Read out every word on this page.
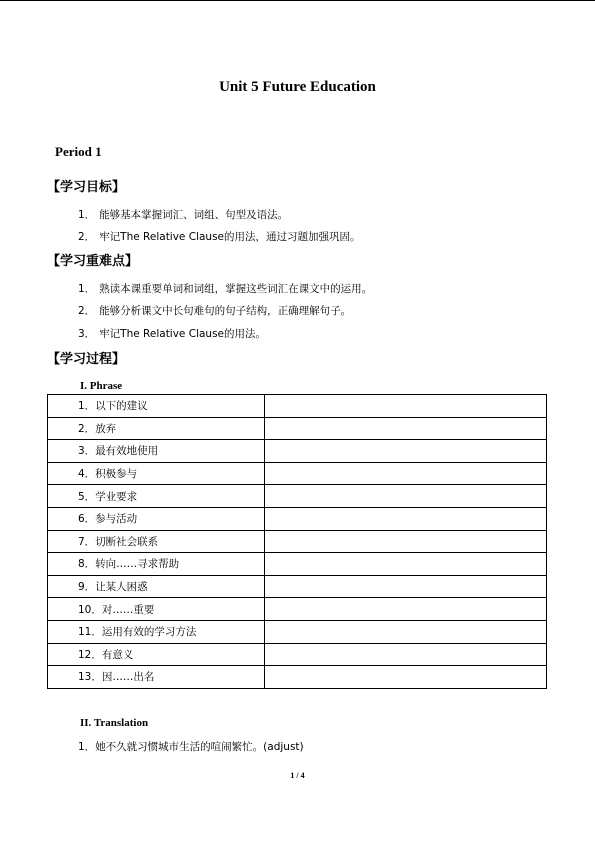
Unit 5 Future Education
Period 1
【学习目标】
1． 能够基本掌握词汇、词组、句型及语法。
2． 牢记The Relative Clause的用法，通过习题加强巩固。
【学习重难点】
1． 熟读本课重要单词和词组，掌握这些词汇在课文中的运用。
2． 能够分析课文中长句难句的句子结构，正确理解句子。
3． 牢记The Relative Clause的用法。
【学习过程】
I. Phrase
1．以下的建议	
2．放弃	
3．最有效地使用	
4．积极参与	
5．学业要求	
6．参与活动	
7．切断社会联系	
8．转向……寻求帮助	
9．让某人困惑	
10．对……重要	
11．运用有效的学习方法	
12．有意义	
13．因……出名	
II. Translation
1．她不久就习惯城市生活的喧闹繁忙。(adjust)
1 / 4
